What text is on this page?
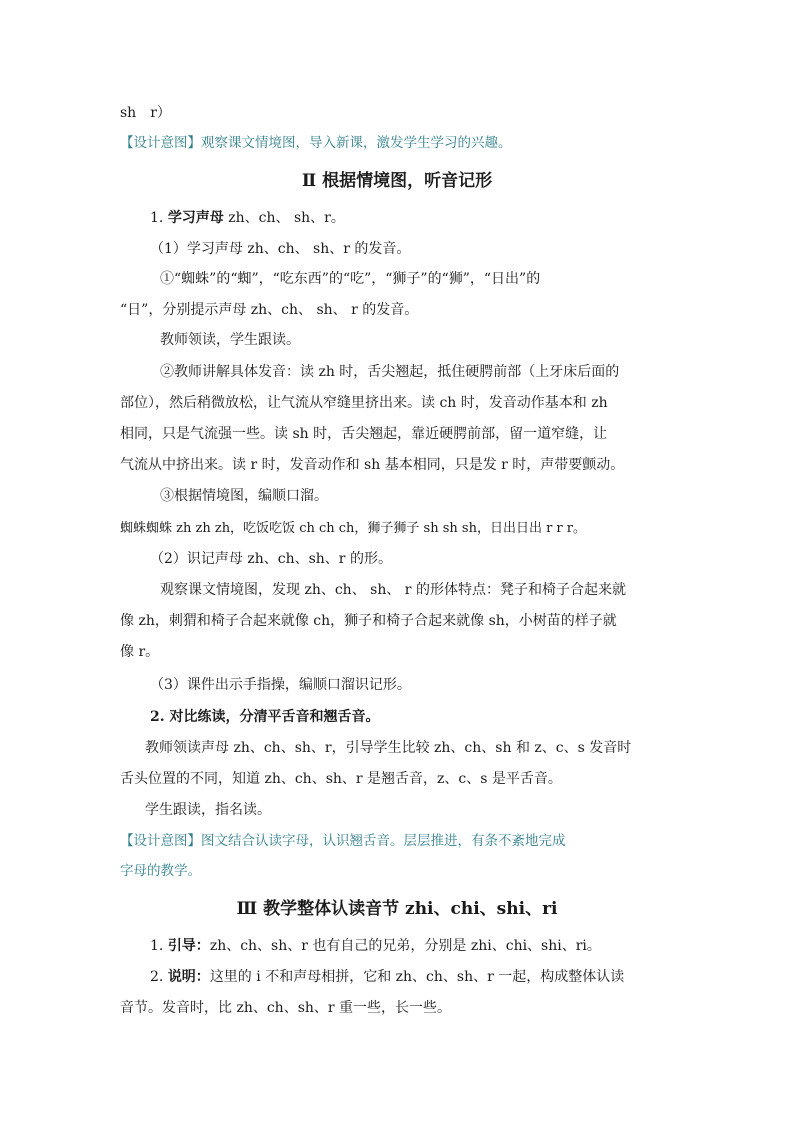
sh　r）
【设计意图】观察课文情境图，导入新课，激发学生学习的兴趣。
Ⅱ 根据情境图，听音记形
1. 学习声母 zh、ch、 sh、r。
（1）学习声母 zh、ch、 sh、r 的发音。
①“蜘蛛”的“蜘”，“吃东西”的“吃”，“狮子”的“狮”，“日出”的
“日”，分别提示声母 zh、ch、 sh、 r 的发音。
教师领读，学生跟读。
②教师讲解具体发音：读 zh 时，舌尖翘起，抵住硬腭前部（上牙床后面的
部位），然后稍微放松，让气流从窄缝里挤出来。读 ch 时，发音动作基本和 zh
相同，只是气流强一些。读 sh 时，舌尖翘起，靠近硬腭前部，留一道窄缝，让
气流从中挤出来。读 r 时，发音动作和 sh 基本相同，只是发 r 时，声带要颤动。
③根据情境图，编顺口溜。
蜘蛛蜘蛛 zh zh zh，吃饭吃饭 ch ch ch，狮子狮子 sh sh sh，日出日出 r r r。
（2）识记声母 zh、ch、sh、r 的形。
观察课文情境图，发现 zh、ch、 sh、 r 的形体特点：凳子和椅子合起来就
像 zh，刺猬和椅子合起来就像 ch，狮子和椅子合起来就像 sh，小树苗的样子就
像 r。
（3）课件出示手指操，编顺口溜识记形。
2. 对比练读，分清平舌音和翘舌音。
教师领读声母 zh、ch、sh、r，引导学生比较 zh、ch、sh 和 z、c、s 发音时
舌头位置的不同，知道 zh、ch、sh、r 是翘舌音，z、c、s 是平舌音。
学生跟读，指名读。
【设计意图】图文结合认读字母，认识翘舌音。层层推进，有条不紊地完成
字母的教学。
Ⅲ 教学整体认读音节 zhi、chi、shi、ri
1. 引导：zh、ch、sh、r 也有自己的兄弟，分别是 zhi、chi、shi、ri。
2. 说明：这里的 i 不和声母相拼，它和 zh、ch、sh、r 一起，构成整体认读
音节。发音时，比 zh、ch、sh、r 重一些，长一些。
